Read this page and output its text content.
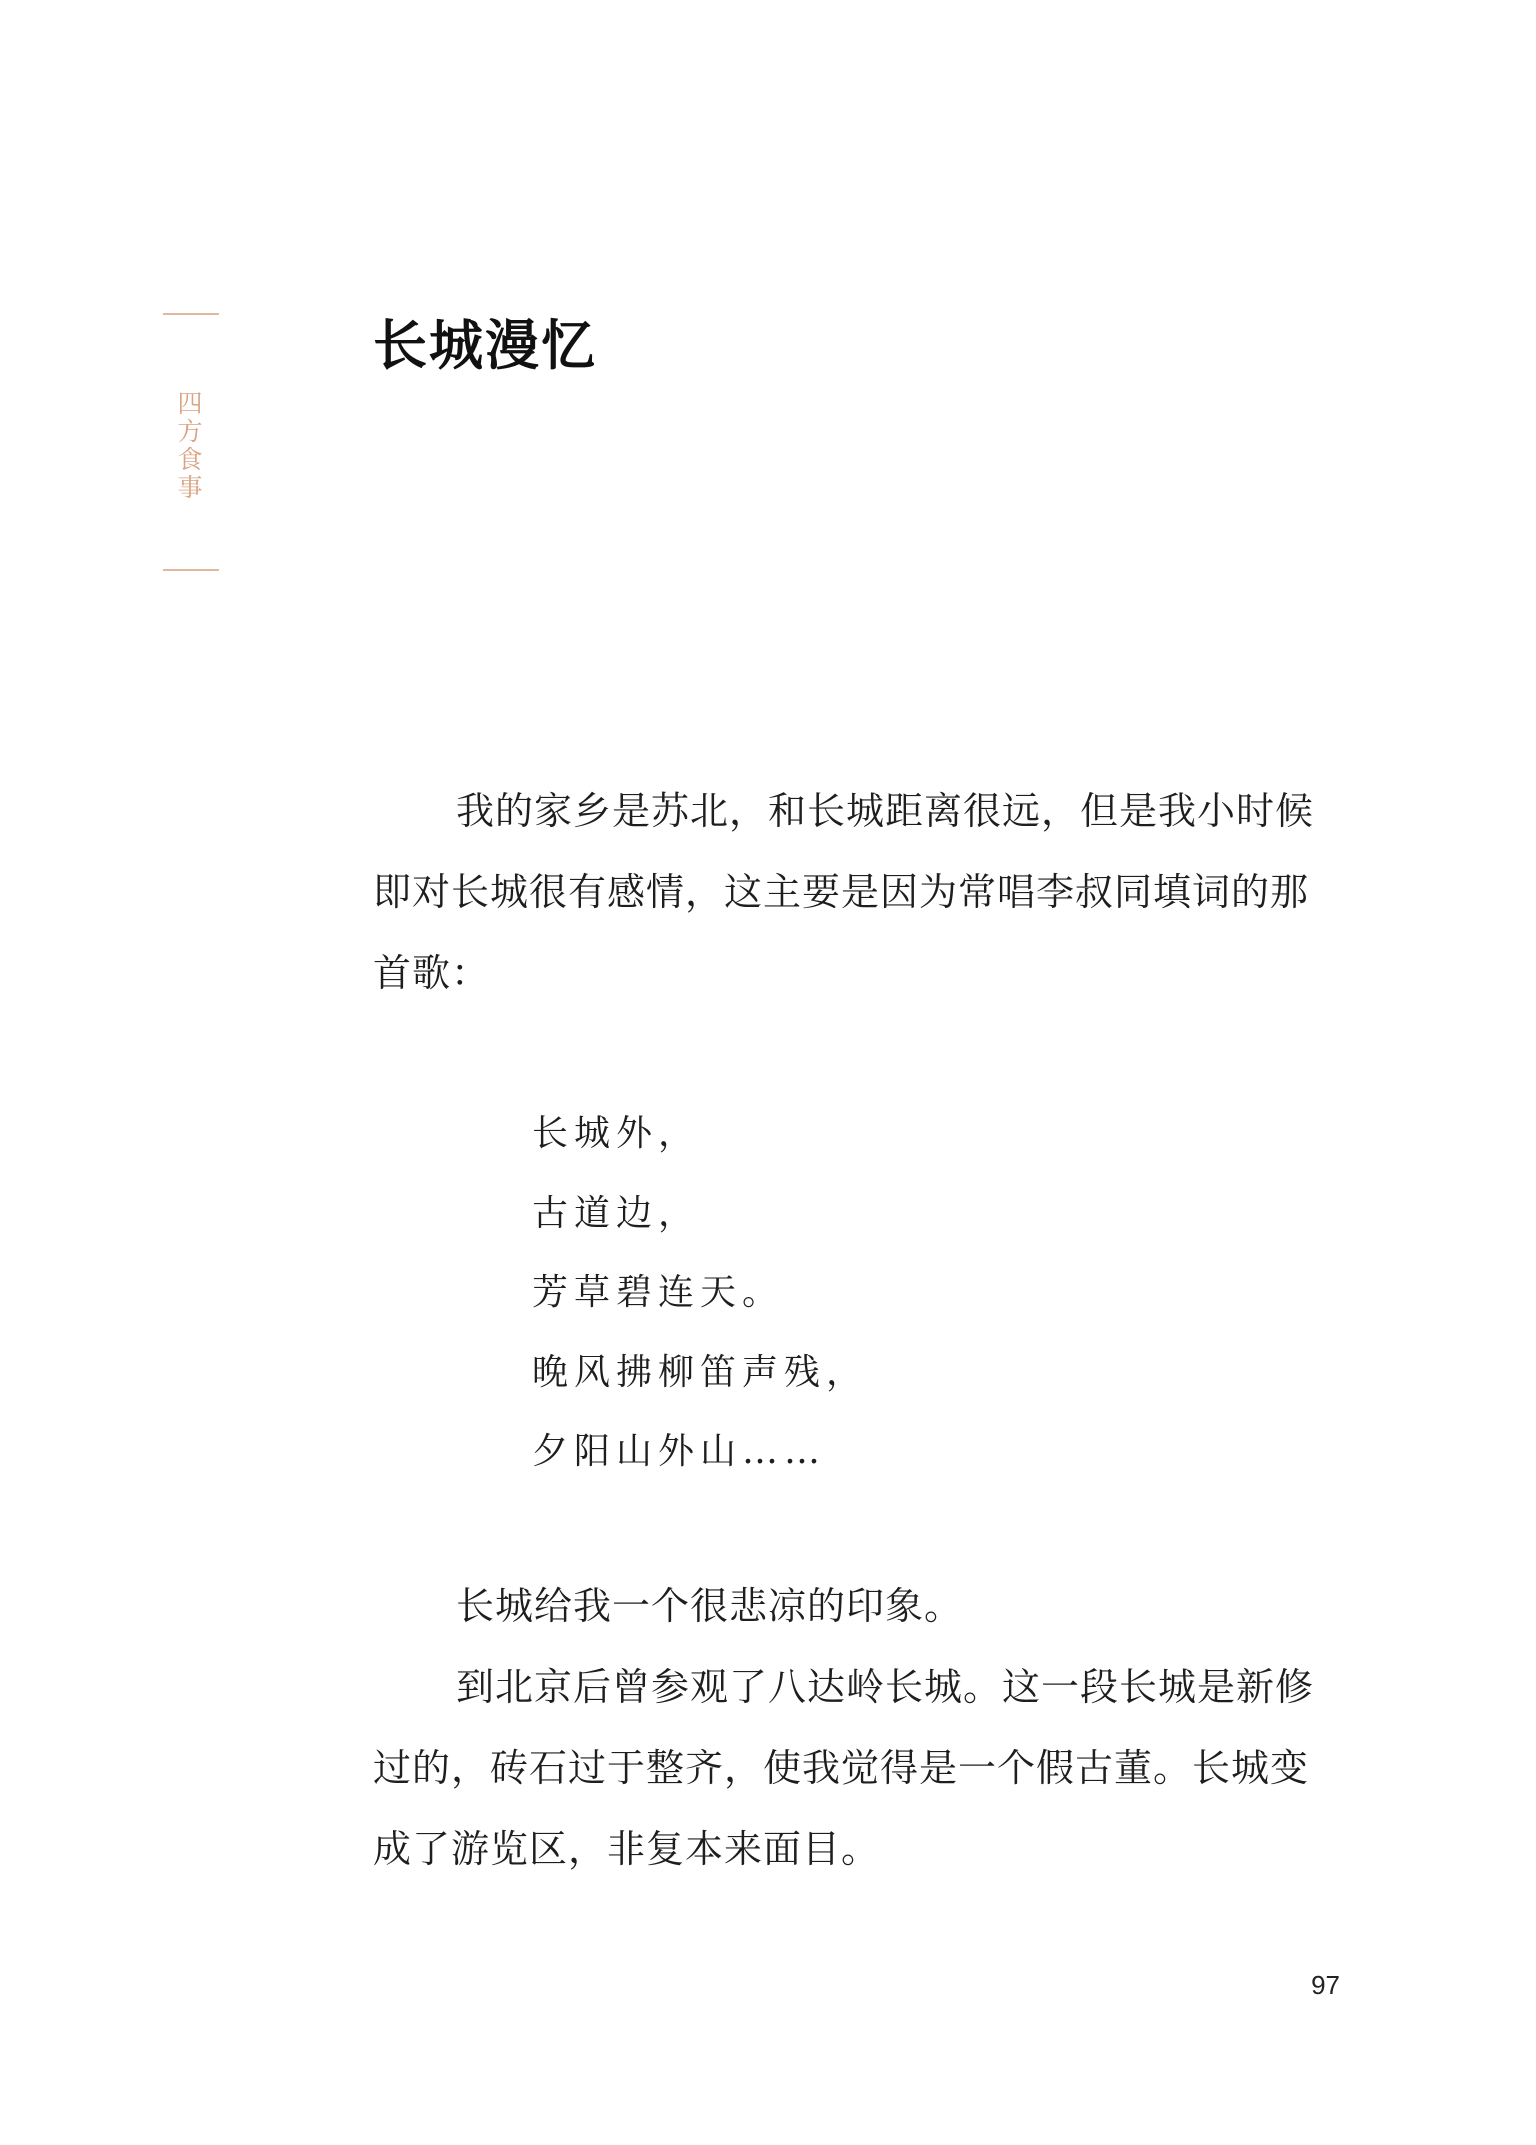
四
方
食
事
长城漫忆

我的家乡是苏北，和长城距离很远，但是我小时候即对长城很有感情，这主要是因为常唱李叔同填词的那首歌：

长城外，
古道边，
芳草碧连天。
晚风拂柳笛声残，
夕阳山外山……

长城给我一个很悲凉的印象。

到北京后曾参观了八达岭长城。这一段长城是新修过的，砖石过于整齐，使我觉得是一个假古董。长城变成了游览区，非复本来面目。

97
